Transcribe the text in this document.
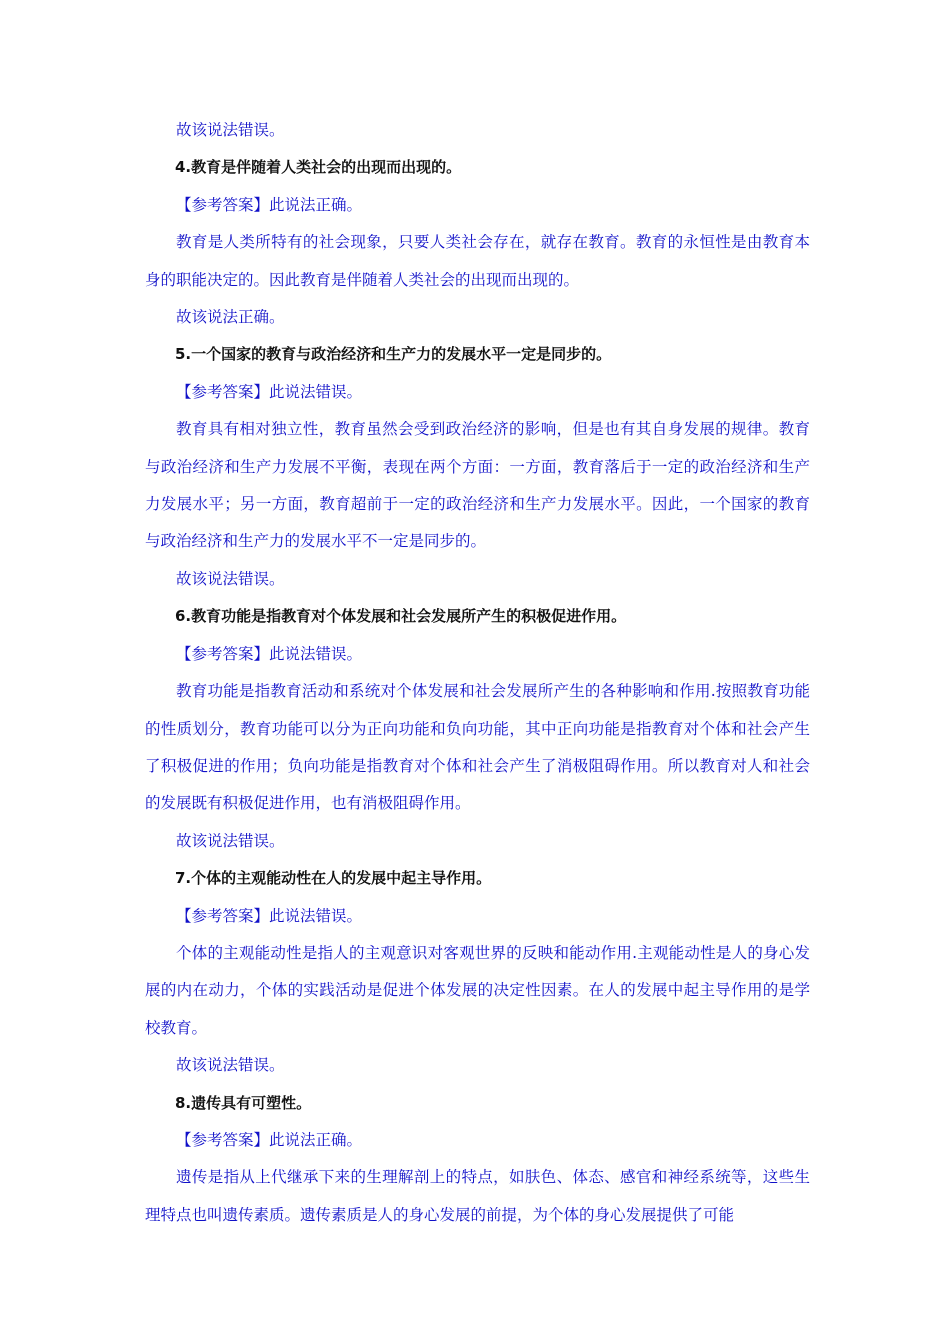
故该说法错误。

4.教育是伴随着人类社会的出现而出现的。

【参考答案】此说法正确。

教育是人类所特有的社会现象，只要人类社会存在，就存在教育。教育的永恒性是由教育本身的职能决定的。因此教育是伴随着人类社会的出现而出现的。

故该说法正确。

5.一个国家的教育与政治经济和生产力的发展水平一定是同步的。

【参考答案】此说法错误。

教育具有相对独立性，教育虽然会受到政治经济的影响，但是也有其自身发展的规律。教育与政治经济和生产力发展不平衡，表现在两个方面：一方面，教育落后于一定的政治经济和生产力发展水平；另一方面，教育超前于一定的政治经济和生产力发展水平。因此，一个国家的教育与政治经济和生产力的发展水平不一定是同步的。

故该说法错误。

6.教育功能是指教育对个体发展和社会发展所产生的积极促进作用。

【参考答案】此说法错误。

教育功能是指教育活动和系统对个体发展和社会发展所产生的各种影响和作用.按照教育功能的性质划分，教育功能可以分为正向功能和负向功能，其中正向功能是指教育对个体和社会产生了积极促进的作用；负向功能是指教育对个体和社会产生了消极阻碍作用。所以教育对人和社会的发展既有积极促进作用，也有消极阻碍作用。

故该说法错误。

7.个体的主观能动性在人的发展中起主导作用。

【参考答案】此说法错误。

个体的主观能动性是指人的主观意识对客观世界的反映和能动作用.主观能动性是人的身心发展的内在动力，个体的实践活动是促进个体发展的决定性因素。在人的发展中起主导作用的是学校教育。

故该说法错误。

8.遗传具有可塑性。

【参考答案】此说法正确。

遗传是指从上代继承下来的生理解剖上的特点，如肤色、体态、感官和神经系统等，这些生理特点也叫遗传素质。遗传素质是人的身心发展的前提，为个体的身心发展提供了可能
